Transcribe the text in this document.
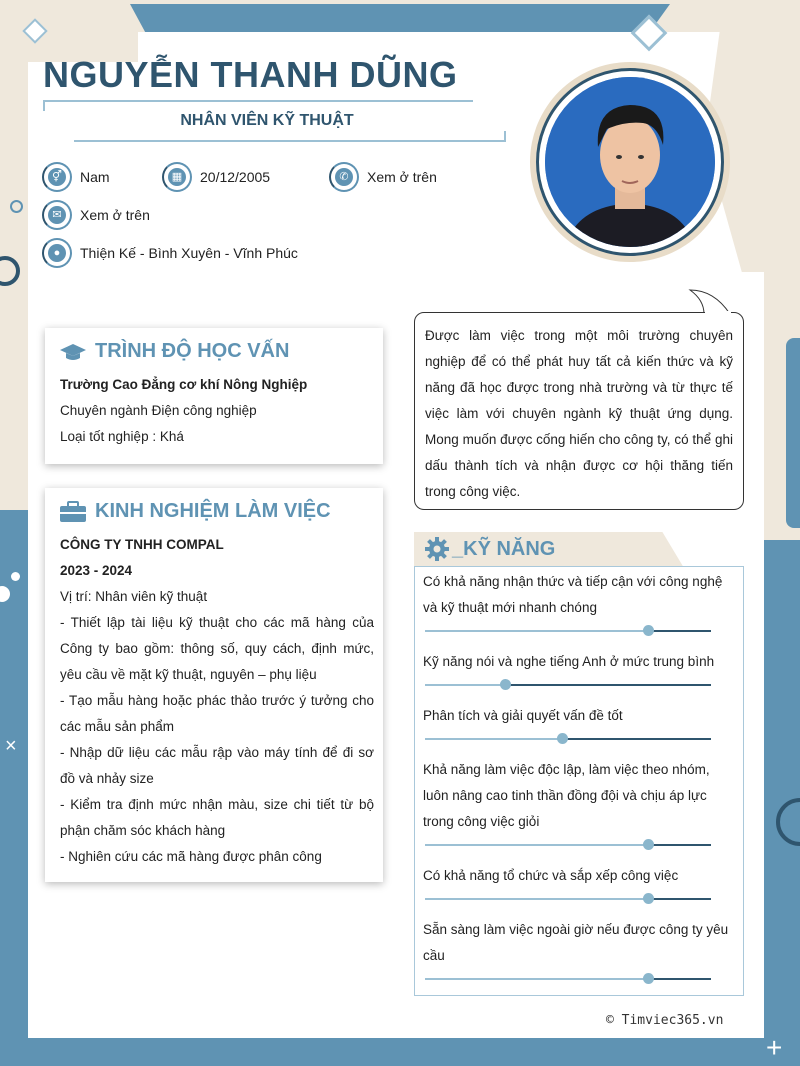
×
+
NGUYỄN THANH DŨNG
NHÂN VIÊN KỸ THUẬT
⚥ Nam	▦ 20/12/2005	✆	Xem ở trên
✉	Xem ở trên
●	Thiện Kế - Bình Xuyên - Vĩnh Phúc
TRÌNH ĐỘ HỌC VẤN
Trường Cao Đẳng cơ khí Nông Nghiệp
Chuyên ngành Điện công nghiệp
Loại tốt nghiệp : Khá
KINH NGHIỆM LÀM VIỆC
CÔNG TY TNHH COMPAL
2023 - 2024
Vị trí: Nhân viên kỹ thuật
- Thiết lập tài liệu kỹ thuật cho các mã hàng của Công ty bao gồm: thông số, quy cách, định mức, yêu cầu về mặt kỹ thuật, nguyên – phụ liệu
- Tạo mẫu hàng hoặc phác thảo trước ý tưởng cho các mẫu sản phẩm
- Nhập dữ liệu các mẫu rập vào máy tính để đi sơ đồ và nhảy size
- Kiểm tra định mức nhận màu, size chi tiết từ bộ phận chăm sóc khách hàng
- Nghiên cứu các mã hàng được phân công
Được làm việc trong một môi trường chuyên nghiệp để có thể phát huy tất cả kiến thức và kỹ năng đã học được trong nhà trường và từ thực tế việc làm với chuyên ngành kỹ thuật ứng dụng. Mong muốn được cống hiến cho công ty, có thể ghi dấu thành tích và nhận được cơ hội thăng tiến trong công việc.
_KỸ NĂNG
Có khả năng nhận thức và tiếp cận với công nghệ và kỹ thuật mới nhanh chóng
Kỹ năng nói và nghe tiếng Anh ở mức trung bình
Phân tích và giải quyết vấn đề tốt
Khả năng làm việc độc lập, làm việc theo nhóm, luôn nâng cao tinh thần đồng đội và chịu áp lực trong công việc giỏi
Có khả năng tổ chức và sắp xếp công việc
Sẵn sàng làm việc ngoài giờ nếu được công ty yêu cầu
© Timviec365.vn
